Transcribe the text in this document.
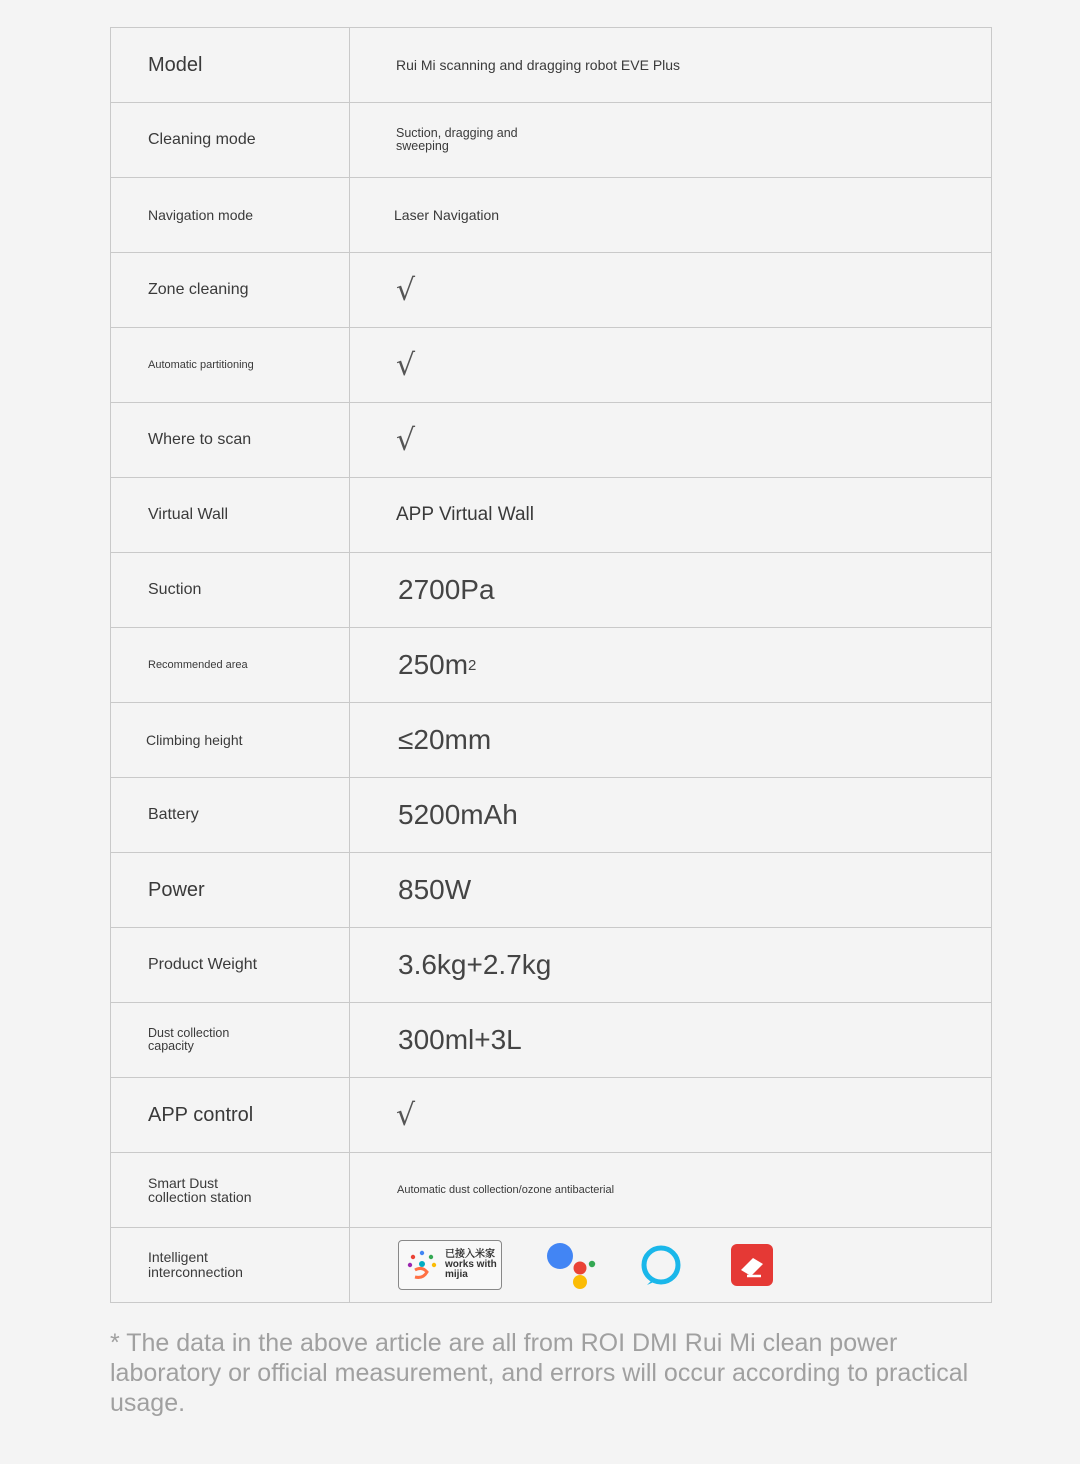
Model	Rui Mi scanning and dragging robot EVE Plus
Cleaning mode	Suction, dragging and sweeping
Navigation mode	Laser Navigation
Zone cleaning	√
Automatic partitioning	√
Where to scan	√
Virtual Wall	APP Virtual Wall
Suction	2700Pa
Recommended area	250m 2
Climbing height	≤20mm
Battery	5200mAh
Power	850W
Product Weight	3.6kg+2.7kg
Dust collection capacity	300ml+3L
APP control	√
Smart Dust collection station	Automatic dust collection/ozone antibacterial
Intelligent interconnection
已接入米家
works with
mijia
* The data in the above article are all from ROI DMI Rui Mi clean power laboratory or official measurement, and errors will occur according to practical usage.
